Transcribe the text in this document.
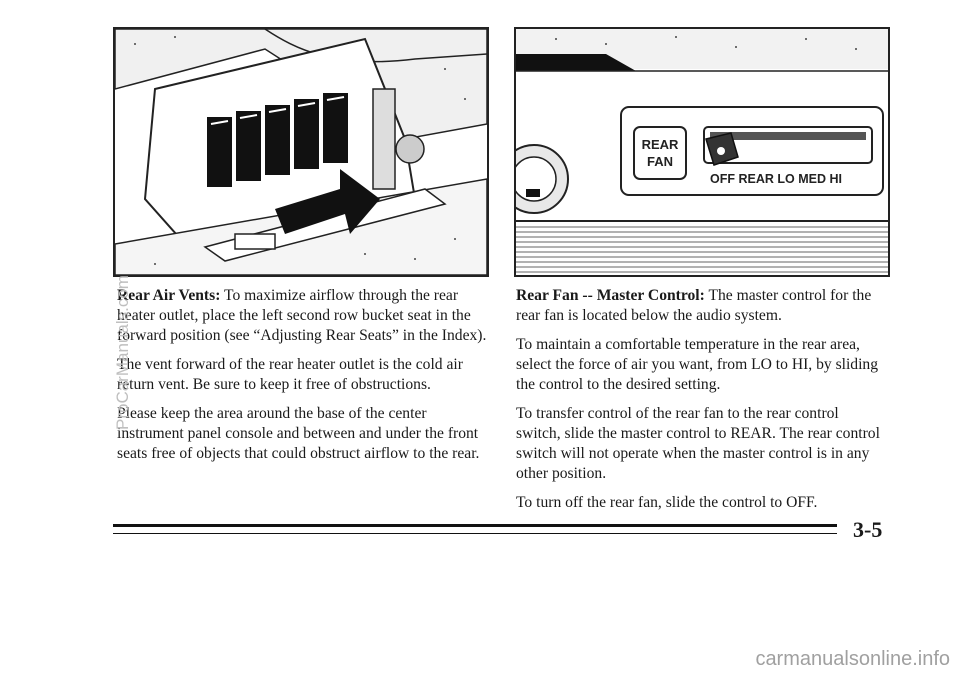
REAR
FAN
OFF REAR LO MED HI

Rear Air Vents: To maximize airflow through the rear heater outlet, place the left second row bucket seat in the forward position (see “Adjusting Rear Seats” in the Index).

The vent forward of the rear heater outlet is the cold air return vent. Be sure to keep it free of obstructions.

Please keep the area around the base of the center instrument panel console and between and under the front seats free of objects that could obstruct airflow to the rear.

Rear Fan -- Master Control: The master control for the rear fan is located below the audio system.

To maintain a comfortable temperature in the rear area, select the force of air you want, from LO to HI, by sliding the control to the desired setting.

To transfer control of the rear fan to the rear control switch, slide the master control to REAR. The rear control switch will not operate when the master control is in any other position.

To turn off the rear fan, slide the control to OFF.

3-5
ProCarManuals.com
carmanualsonline.info
